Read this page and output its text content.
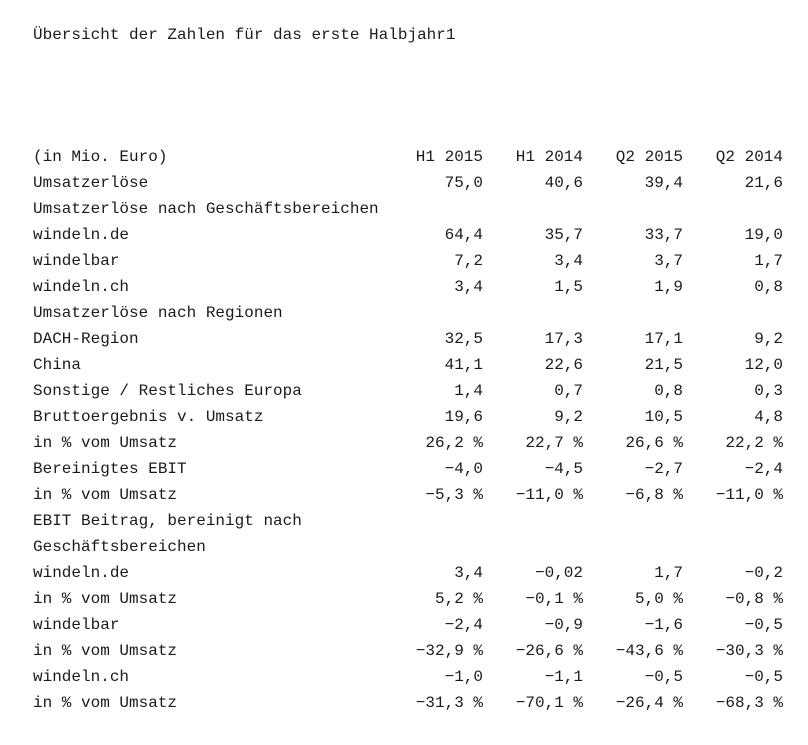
Übersicht der Zahlen für das erste Halbjahr1
(in Mio. Euro)	H1 2015	H1 2014	Q2 2015	Q2 2014
Umsatzerlöse	75,0	40,6	39,4	21,6
Umsatzerlöse nach Geschäftsbereichen
windeln.de	64,4	35,7	33,7	19,0
windelbar	7,2	3,4	3,7	1,7
windeln.ch	3,4	1,5	1,9	0,8
Umsatzerlöse nach Regionen
DACH-Region	32,5	17,3	17,1	9,2
China	41,1	22,6	21,5	12,0
Sonstige / Restliches Europa	1,4	0,7	0,8	0,3
Bruttoergebnis v. Umsatz	19,6	9,2	10,5	4,8
in % vom Umsatz	26,2 %	22,7 %	26,6 %	22,2 %
Bereinigtes EBIT	−4,0	−4,5	−2,7	−2,4
in % vom Umsatz	−5,3 %	−11,0 %	−6,8 %	−11,0 %
EBIT Beitrag, bereinigt nach
Geschäftsbereichen
windeln.de	3,4	−0,02	1,7	−0,2
in % vom Umsatz	5,2 %	−0,1 %	5,0 %	−0,8 %
windelbar	−2,4	−0,9	−1,6	−0,5
in % vom Umsatz	−32,9 %	−26,6 %	−43,6 %	−30,3 %
windeln.ch	−1,0	−1,1	−0,5	−0,5
in % vom Umsatz	−31,3 %	−70,1 %	−26,4 %	−68,3 %
